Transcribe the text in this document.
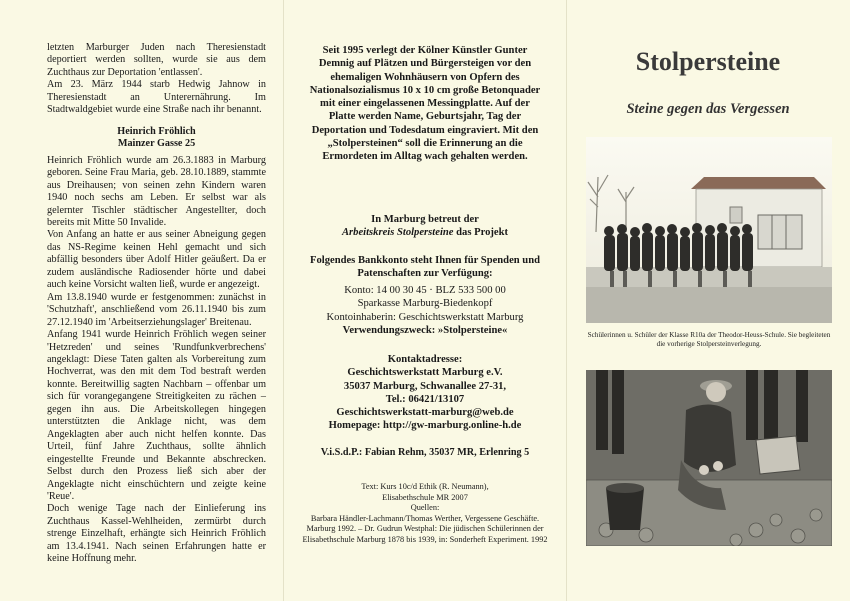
letzten Marburger Juden nach Theresienstadt deportiert werden sollten, wurde sie aus dem Zuchthaus zur Deportation 'entlassen'.

Am 23. März 1944 starb Hedwig Jahnow in Theresienstadt an Unterernährung. Im Stadtwaldgebiet wurde eine Straße nach ihr benannt.

Heinrich Fröhlich
Mainzer Gasse 25

Heinrich Fröhlich wurde am 26.3.1883 in Marburg geboren. Seine Frau Maria, geb. 28.10.1889, stammte aus Dreihausen; von seinen zehn Kindern waren 1940 noch sechs am Leben. Er selbst war als gelernter Tischler städtischer Angestellter, doch bereits mit Mitte 50 Invalide.

Von Anfang an hatte er aus seiner Abneigung gegen das NS-Regime keinen Hehl gemacht und sich abfällig besonders über Adolf Hitler geäußert. Da er zudem ausländische Radiosender hörte und dabei auch keine Vorsicht walten ließ, wurde er angezeigt.

Am 13.8.1940 wurde er festgenommen: zunächst in 'Schutzhaft', anschließend vom 26.11.1940 bis zum 27.12.1940 im 'Arbeitserziehungslager' Breitenau.

Anfang 1941 wurde Heinrich Fröhlich wegen seiner 'Hetzreden' und seines 'Rundfunkverbrechens' angeklagt: Diese Taten galten als Vorbereitung zum Hochverrat, was den mit dem Tod bestraft werden konnte. Bereitwillig sagten Nachbarn – offenbar um sich für vorangegangene Streitigkeiten zu rächen – gegen ihn aus. Die Arbeitskollegen hingegen unterstützten die Anklage nicht, was dem Angeklagten aber auch nicht helfen konnte. Das Urteil, fünf Jahre Zuchthaus, sollte ähnlich eingestellte Freunde und Bekannte abschrecken. Selbst durch den Prozess ließ sich aber der Angeklagte nicht einschüchtern und zeigte keine 'Reue'.

Doch wenige Tage nach der Einlieferung ins Zuchthaus Kassel-Wehlheiden, zermürbt durch strenge Einzelhaft, erhängte sich Heinrich Fröhlich am 13.4.1941. Nach seinen Erfahrungen hatte er keine Hoffnung mehr.

Seit 1995 verlegt der Kölner Künstler Gunter Demnig auf Plätzen und Bürgersteigen vor den ehemaligen Wohnhäusern von Opfern des Nationalsozialismus 10 x 10 cm große Betonquader mit einer eingelassenen Messingplatte. Auf der Platte werden Name, Geburtsjahr, Tag der Deportation und Todesdatum eingraviert. Mit den „Stolpersteinen“ soll die Erinnerung an die Ermordeten im Alltag wach gehalten werden.
In Marburg betreut der
Arbeitskreis Stolpersteine das Projekt
Folgendes Bankkonto steht Ihnen für Spenden und Patenschaften zur Verfügung:
Konto: 14 00 30 45 · BLZ 533 500 00
Sparkasse Marburg-Biedenkopf
Kontoinhaberin: Geschichtswerkstatt Marburg
Verwendungszweck: »Stolpersteine«
Kontaktadresse:
Geschichtswerkstatt Marburg e.V.
35037 Marburg, Schwanallee 27-31,
Tel.: 06421/13107
Geschichtswerkstatt-marburg@web.de
Homepage: http://gw-marburg.online-h.de
V.i.S.d.P.: Fabian Rehm, 35037 MR, Erlenring 5
Text: Kurs 10c/d Ethik (R. Neumann),
Elisabethschule MR 2007
Quellen:
Barbara Händler-Lachmann/Thomas Werther, Vergessene Geschäfte. Marburg 1992. – Dr. Gudrun Westphal: Die jüdischen Schülerinnen der Elisabethschule Marburg 1878 bis 1939, in: Sonderheft Experiment. 1992
Stolpersteine
Steine gegen das Vergessen
Schülerinnen u. Schüler der Klasse R10a der Theodor-Heuss-Schule. Sie begleiteten die vorherige Stolpersteinverlegung.
